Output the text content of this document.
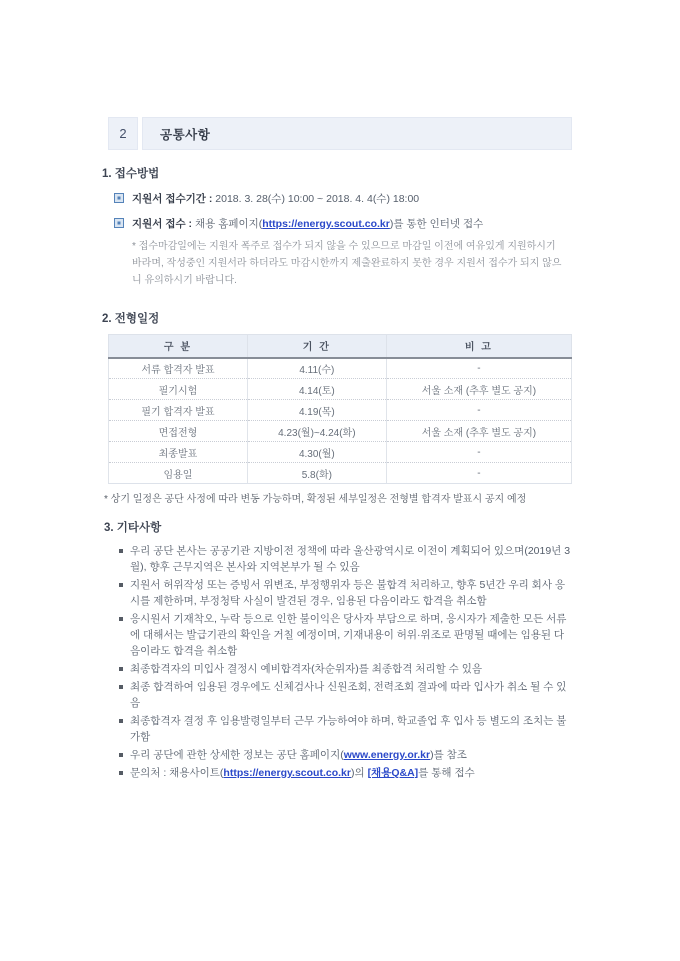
2	공통사항
1. 접수방법
지원서 접수기간 : 2018. 3. 28(수) 10:00 ~ 2018. 4. 4(수) 18:00
지원서 접수 : 채용 홈페이지(https://energy.scout.co.kr)를 통한 인터넷 접수
* 접수마감일에는 지원자 폭주로 접수가 되지 않을 수 있으므로 마감일 이전에 여유있게 지원하시기 바라며, 작성중인 지원서라 하더라도 마감시한까지 제출완료하지 못한 경우 지원서 접수가 되지 않으니 유의하시기 바랍니다.
2. 전형일정
구 분	기 간	비 고
서류 합격자 발표	4.11(수)	-
필기시험	4.14(토)	서울 소재 (추후 별도 공지)
필기 합격자 발표	4.19(목)	-
면접전형	4.23(월)~4.24(화)	서울 소재 (추후 별도 공지)
최종발표	4.30(월)	-
임용일	5.8(화)	-
* 상기 일정은 공단 사정에 따라 변동 가능하며, 확정된 세부일정은 전형별 합격자 발표시 공지 예정
3. 기타사항
우리 공단 본사는 공공기관 지방이전 정책에 따라 울산광역시로 이전이 계획되어 있으며(2019년 3월), 향후 근무지역은 본사와 지역본부가 될 수 있음
지원서 허위작성 또는 증빙서 위변조, 부정행위자 등은 불합격 처리하고, 향후 5년간 우리 회사 응시를 제한하며, 부정청탁 사실이 발견된 경우, 임용된 다음이라도 합격을 취소함
응시원서 기재착오, 누락 등으로 인한 불이익은 당사자 부담으로 하며, 응시자가 제출한 모든 서류에 대해서는 발급기관의 확인을 거칠 예정이며, 기재내용이 허위·위조로 판명될 때에는 임용된 다음이라도 합격을 취소함
최종합격자의 미입사 결정시 예비합격자(차순위자)를 최종합격 처리할 수 있음
최종 합격하여 임용된 경우에도 신체검사나 신원조회, 전력조회 결과에 따라 입사가 취소 될 수 있음
최종합격자 결정 후 임용발령일부터 근무 가능하여야 하며, 학교졸업 후 입사 등 별도의 조치는 불가함
우리 공단에 관한 상세한 정보는 공단 홈페이지(www.energy.or.kr)를 참조
문의처 : 채용사이트(https://energy.scout.co.kr)의 [채용Q&A]를 통해 접수
